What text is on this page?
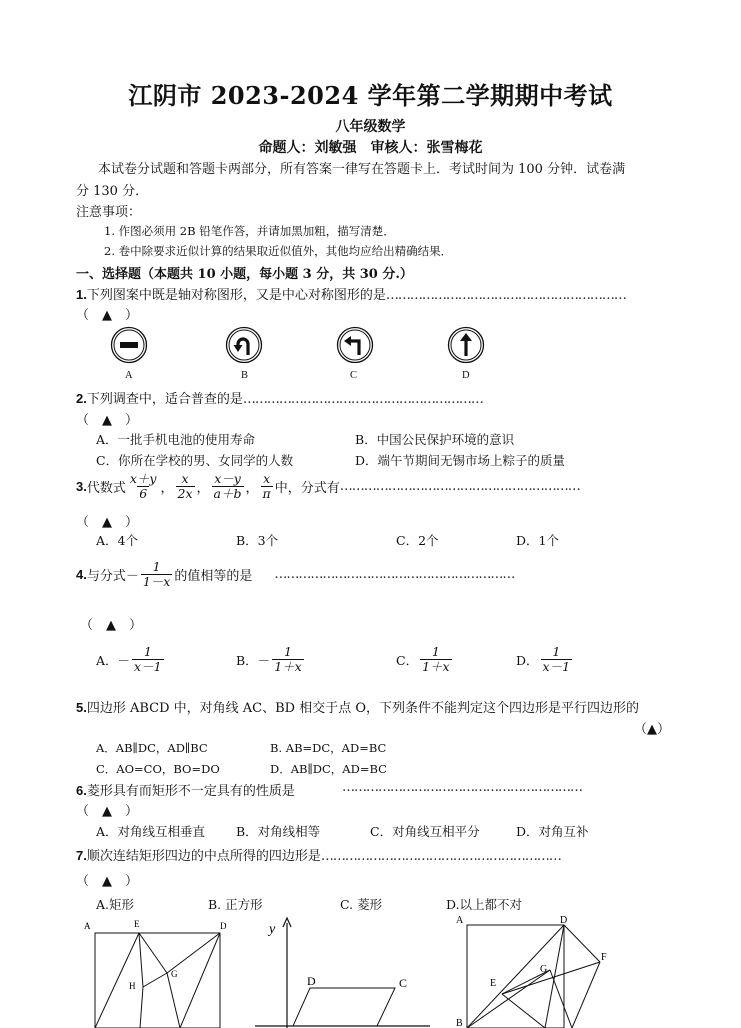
江阴市 2023-2024 学年第二学期期中考试
八年级数学
命题人：刘敏强　审核人：张雪梅花
本试卷分试题和答题卡两部分，所有答案一律写在答题卡上．考试时间为 100 分钟．试卷满
分 130 分．
注意事项：
1. 作图必须用 2B 铅笔作答，并请加黑加粗，描写清楚．
2. 卷中除要求近似计算的结果取近似值外，其他均应给出精确结果．
一、选择题（本题共 10 小题，每小题 3 分，共 30 分.）
1.下列图案中既是轴对称图形，又是中心对称图形的是……………………………………………………
（　▲　）
A	B	C	D
2.下列调查中，适合普查的是……………………………………………………
（　▲　）
A．一批手机电池的使用寿命	B．中国公民保护环境的意识
C．你所在学校的男、女同学的人数	D．端午节期间无锡市场上粽子的质量
3. 代数式 $\frac{x+y}{6}$ ， $\frac{x}{2x}$ ， $\frac{x-y}{a+b}$ ， $\frac{x}{\pi}$ 中，分式有 ……………………………………………………
（　▲　）
A．4个	B．3个	C．2个	D．1个
4. 与分式－ $\frac{1}{1-x}$ 的值相等的是 ……………………………………………………
（　▲　）
A．－ $\frac{1}{x-1}$	B．－ $\frac{1}{1+x}$	C． $\frac{1}{1+x}$	D． $\frac{1}{x-1}$
5.四边形 ABCD 中，对角线 AC、BD 相交于点 O，下列条件不能判定这个四边形是平行四边形的
（▲）
A．AB∥DC，AD∥BC	B. AB=DC，AD=BC
C．AO=CO，BO=DO	D．AB∥DC，AD=BC
6.菱形具有而矩形不一定具有的性质是	……………………………………………………
（　▲　）
A．对角线互相垂直 B．对角线相等	C．对角线互相平分	D．对角互补
7.顺次连结矩形四边的中点所得的四边形是……………………………………………………
（　▲　）
A.矩形	B. 正方形	C. 菱形	D.以上都不对
A	E	D
H
G
y
D	C
A	D
F
G
E
B
